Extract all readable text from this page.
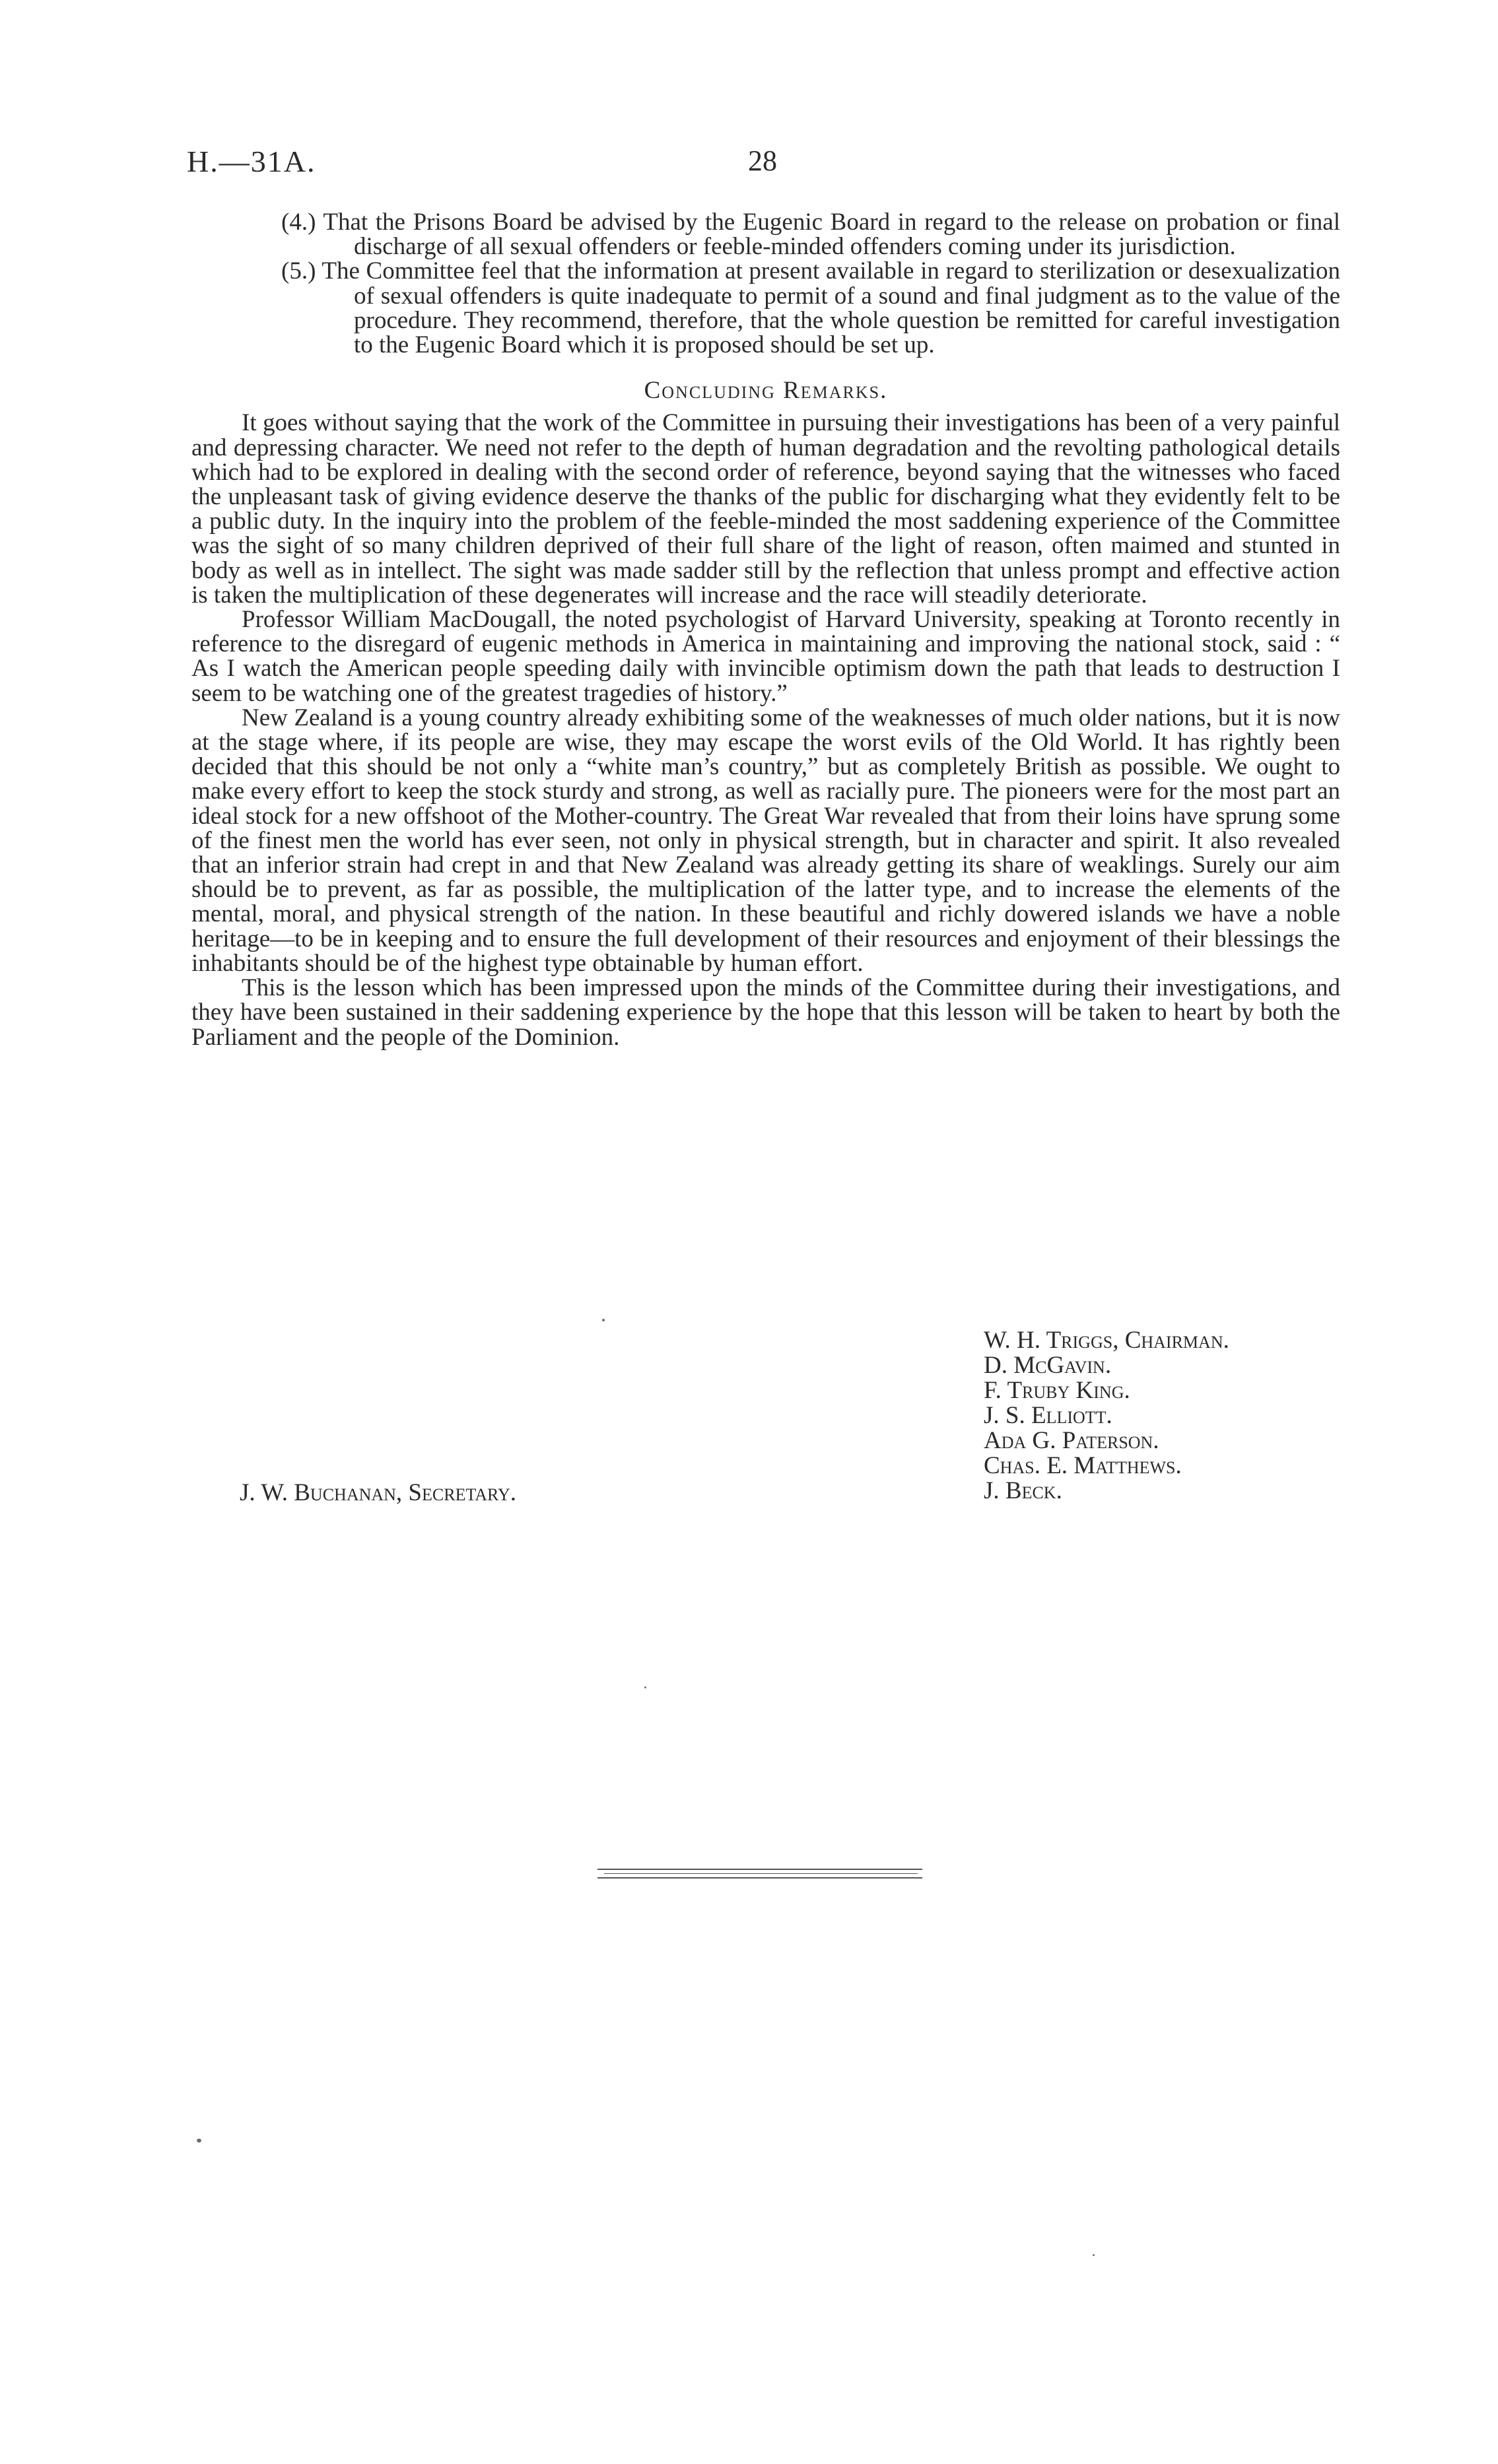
H.—31A.	28

(4.) That the Prisons Board be advised by the Eugenic Board in regard to the release on probation or final discharge of all sexual offenders or feeble-minded offenders coming under its jurisdiction.

(5.) The Committee feel that the information at present available in regard to sterilization or desexualization of sexual offenders is quite inadequate to permit of a sound and final judgment as to the value of the procedure. They recommend, therefore, that the whole question be remitted for careful investigation to the Eugenic Board which it is proposed should be set up.

Concluding Remarks.

It goes without saying that the work of the Committee in pursuing their investigations has been of a very painful and depressing character. We need not refer to the depth of human degradation and the revolting pathological details which had to be explored in dealing with the second order of reference, beyond saying that the witnesses who faced the unpleasant task of giving evidence deserve the thanks of the public for discharging what they evidently felt to be a public duty. In the inquiry into the problem of the feeble-minded the most saddening experience of the Committee was the sight of so many children deprived of their full share of the light of reason, often maimed and stunted in body as well as in intellect. The sight was made sadder still by the reflection that unless prompt and effective action is taken the multiplication of these degenerates will increase and the race will steadily deteriorate.

Professor William MacDougall, the noted psychologist of Harvard University, speaking at Toronto recently in reference to the disregard of eugenic methods in America in maintaining and improving the national stock, said : “ As I watch the American people speeding daily with invincible optimism down the path that leads to destruction I seem to be watching one of the greatest tragedies of history.”

New Zealand is a young country already exhibiting some of the weaknesses of much older nations, but it is now at the stage where, if its people are wise, they may escape the worst evils of the Old World. It has rightly been decided that this should be not only a “white man’s country,” but as completely British as possible. We ought to make every effort to keep the stock sturdy and strong, as well as racially pure. The pioneers were for the most part an ideal stock for a new offshoot of the Mother-country. The Great War revealed that from their loins have sprung some of the finest men the world has ever seen, not only in physical strength, but in character and spirit. It also revealed that an inferior strain had crept in and that New Zealand was already getting its share of weaklings. Surely our aim should be to prevent, as far as possible, the multiplication of the latter type, and to increase the elements of the mental, moral, and physical strength of the nation. In these beautiful and richly dowered islands we have a noble heritage—to be in keeping and to ensure the full development of their resources and enjoyment of their blessings the inhabitants should be of the highest type obtainable by human effort.

This is the lesson which has been impressed upon the minds of the Committee during their investigations, and they have been sustained in their saddening experience by the hope that this lesson will be taken to heart by both the Parliament and the people of the Dominion.

W. H. Triggs, Chairman.
D. McGavin.
F. Truby King.
J. S. Elliott.
Ada G. Paterson.
Chas. E. Matthews.
J. Beck.
J. W. Buchanan, Secretary.
